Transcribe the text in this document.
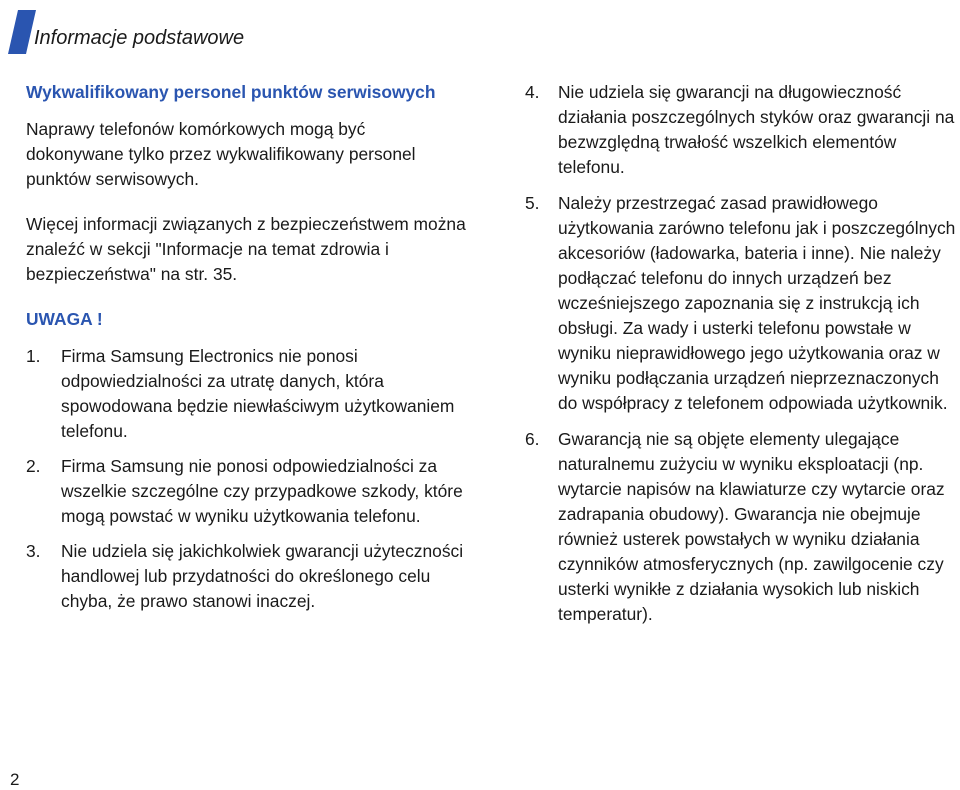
Informacje podstawowe
Wykwalifikowany personel punktów serwisowych
Naprawy telefonów komórkowych mogą być dokonywane tylko przez wykwalifikowany personel punktów serwisowych.
Więcej informacji związanych z bezpieczeństwem można znaleźć w sekcji "Informacje na temat zdrowia i bezpieczeństwa" na str. 35.
UWAGA !
1. Firma Samsung Electronics nie ponosi odpowiedzialności za utratę danych, która spowodowana będzie niewłaściwym użytkowaniem telefonu.
2. Firma Samsung nie ponosi odpowiedzialności za wszelkie szczególne czy przypadkowe szkody, które mogą powstać w wyniku użytkowania telefonu.
3. Nie udziela się jakichkolwiek gwarancji użyteczności handlowej lub przydatności do określonego celu chyba, że prawo stanowi inaczej.
4. Nie udziela się gwarancji na długowieczność działania poszczególnych styków oraz gwarancji na bezwzględną trwałość wszelkich elementów telefonu.
5. Należy przestrzegać zasad prawidłowego użytkowania zarówno telefonu jak i poszczególnych akcesoriów (ładowarka, bateria i inne). Nie należy podłączać telefonu do innych urządzeń bez wcześniejszego zapoznania się z instrukcją ich obsługi. Za wady i usterki telefonu powstałe w wyniku nieprawidłowego jego użytkowania oraz w wyniku podłączania urządzeń nieprzeznaczonych do współpracy z telefonem odpowiada użytkownik.
6. Gwarancją nie są objęte elementy ulegające naturalnemu zużyciu w wyniku eksploatacji (np. wytarcie napisów na klawiaturze czy wytarcie oraz zadrapania obudowy). Gwarancja nie obejmuje również usterek powstałych w wyniku działania czynników atmosferycznych (np. zawilgocenie czy usterki wynikłe z działania wysokich lub niskich temperatur).
2
